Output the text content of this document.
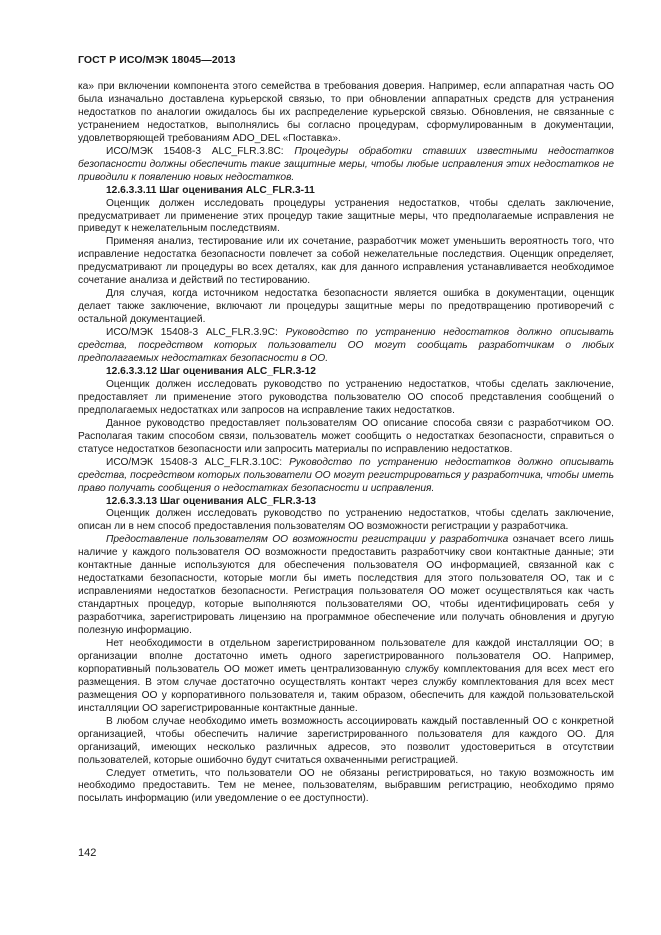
ГОСТ Р ИСО/МЭК 18045—2013

ка» при включении компонента этого семейства в требования доверия. Например, если аппаратная часть ОО была изначально доставлена курьерской связью, то при обновлении аппаратных средств для устранения недостатков по аналогии ожидалось бы их распределение курьерской связью. Обновления, не связанные с устранением недостатков, выполнялись бы согласно процедурам, сформулированным в документации, удовлетворяющей требованиям ADO_DEL «Поставка».

ИСО/МЭК 15408-3 ALC_FLR.3.8С: Процедуры обработки ставших известными недостатков безопасности должны обеспечить такие защитные меры, чтобы любые исправления этих недостатков не приводили к появлению новых недостатков.

12.6.3.3.11 Шаг оценивания ALC_FLR.3-11

Оценщик должен исследовать процедуры устранения недостатков, чтобы сделать заключение, предусматривает ли применение этих процедур такие защитные меры, что предполагаемые исправления не приведут к нежелательным последствиям.

Применяя анализ, тестирование или их сочетание, разработчик может уменьшить вероятность того, что исправление недостатка безопасности повлечет за собой нежелательные последствия. Оценщик определяет, предусматривают ли процедуры во всех деталях, как для данного исправления устанавливается необходимое сочетание анализа и действий по тестированию.

Для случая, когда источником недостатка безопасности является ошибка в документации, оценщик делает также заключение, включают ли процедуры защитные меры по предотвращению противоречий с остальной документацией.

ИСО/МЭК 15408-3 ALC_FLR.3.9С: Руководство по устранению недостатков должно описывать средства, посредством которых пользователи ОО могут сообщать разработчикам о любых предполагаемых недостатках безопасности в ОО.

12.6.3.3.12 Шаг оценивания ALC_FLR.3-12

Оценщик должен исследовать руководство по устранению недостатков, чтобы сделать заключение, предоставляет ли применение этого руководства пользователю ОО способ представления сообщений о предполагаемых недостатках или запросов на исправление таких недостатков.

Данное руководство предоставляет пользователям ОО описание способа связи с разработчиком ОО. Располагая таким способом связи, пользователь может сообщить о недостатках безопасности, справиться о статусе недостатков безопасности или запросить материалы по исправлению недостатков.

ИСО/МЭК 15408-3 ALC_FLR.3.10С: Руководство по устранению недостатков должно описывать средства, посредством которых пользователи ОО могут регистрироваться у разработчика, чтобы иметь право получать сообщения о недостатках безопасности и исправления.

12.6.3.3.13 Шаг оценивания ALC_FLR.3-13

Оценщик должен исследовать руководство по устранению недостатков, чтобы сделать заключение, описан ли в нем способ предоставления пользователям ОО возможности регистрации у разработчика.

Предоставление пользователям ОО возможности регистрации у разработчика означает всего лишь наличие у каждого пользователя ОО возможности предоставить разработчику свои контактные данные; эти контактные данные используются для обеспечения пользователя ОО информацией, связанной как с недостатками безопасности, которые могли бы иметь последствия для этого пользователя ОО, так и с исправлениями недостатков безопасности. Регистрация пользователя ОО может осуществляться как часть стандартных процедур, которые выполняются пользователями ОО, чтобы идентифицировать себя у разработчика, зарегистрировать лицензию на программное обеспечение или получать обновления и другую полезную информацию.

Нет необходимости в отдельном зарегистрированном пользователе для каждой инсталляции ОО; в организации вполне достаточно иметь одного зарегистрированного пользователя ОО. Например, корпоративный пользователь ОО может иметь централизованную службу комплектования для всех мест его размещения. В этом случае достаточно осуществлять контакт через службу комплектования для всех мест размещения ОО у корпоративного пользователя и, таким образом, обеспечить для каждой пользовательской инсталляции ОО зарегистрированные контактные данные.

В любом случае необходимо иметь возможность ассоциировать каждый поставленный ОО с конкретной организацией, чтобы обеспечить наличие зарегистрированного пользователя для каждого ОО. Для организаций, имеющих несколько различных адресов, это позволит удостовериться в отсутствии пользователей, которые ошибочно будут считаться охваченными регистрацией.

Следует отметить, что пользователи ОО не обязаны регистрироваться, но такую возможность им необходимо предоставить. Тем не менее, пользователям, выбравшим регистрацию, необходимо прямо посылать информацию (или уведомление о ее доступности).

142
